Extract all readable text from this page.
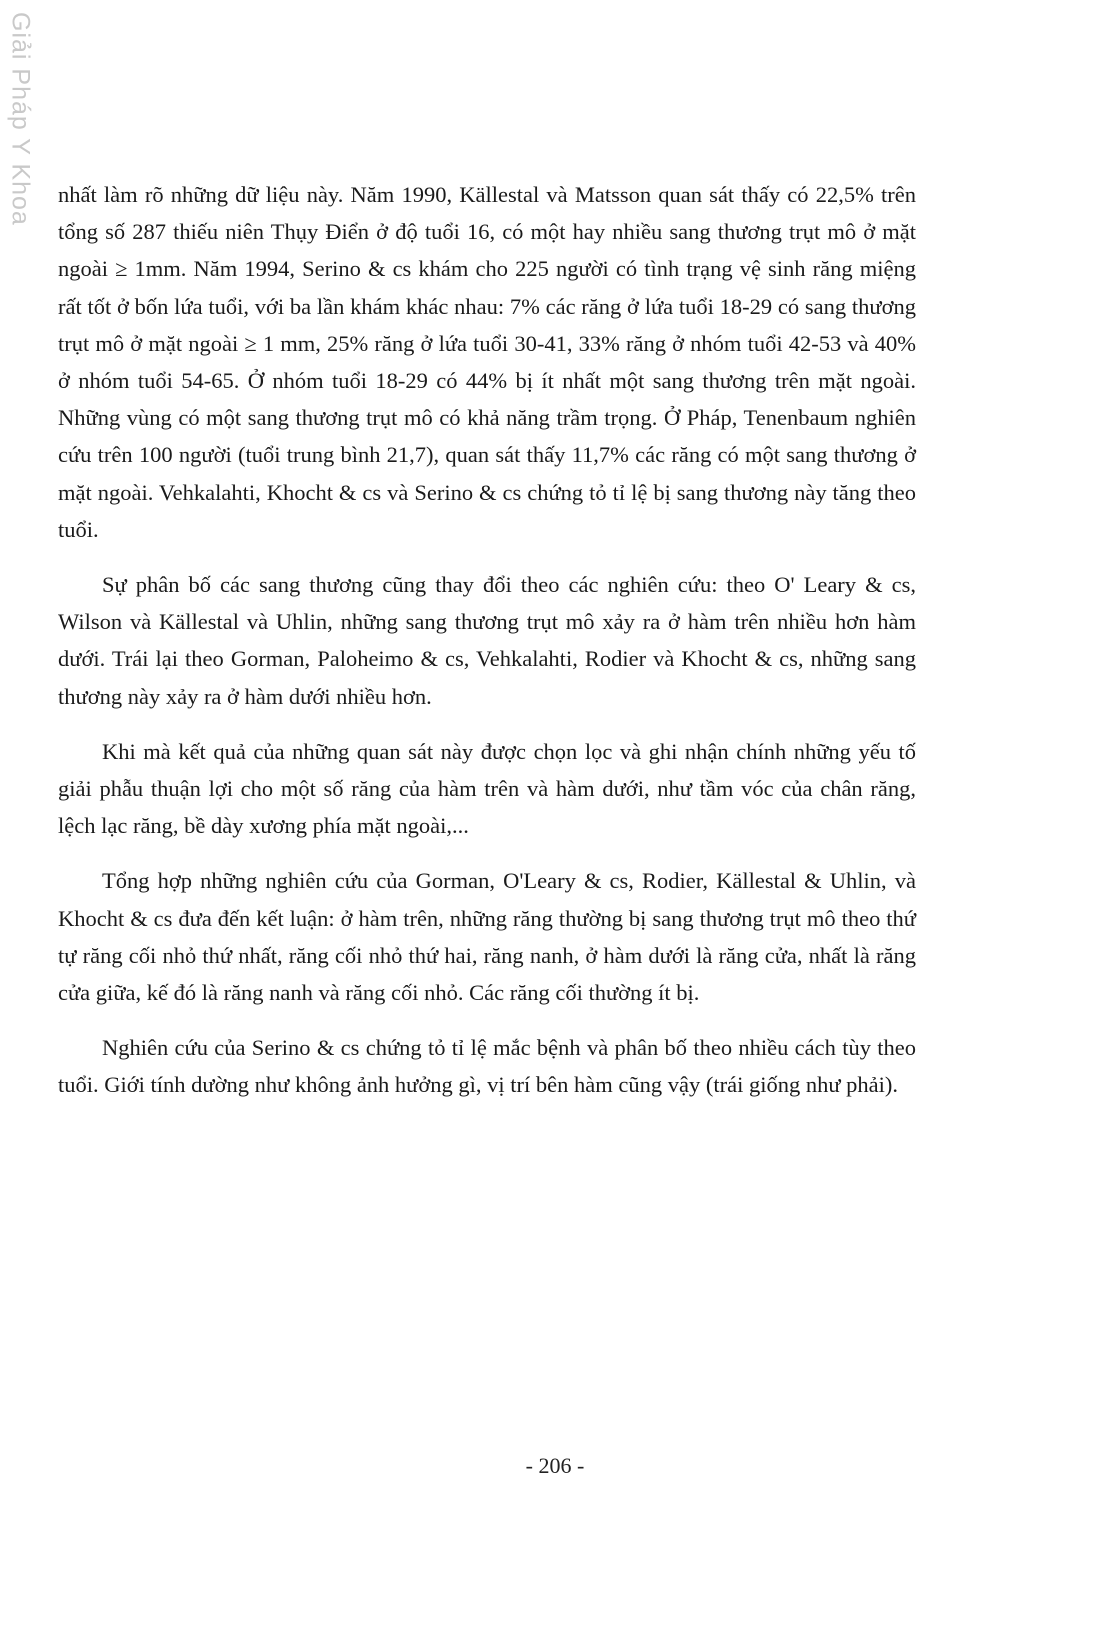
Giải Pháp Y Khoa nhất làm rõ những dữ liệu này. Năm 1990, Källestal và Matsson quan sát thấy có 22,5% trên tổng số 287 thiếu niên Thụy Điển ở độ tuổi 16, có một hay nhiều sang thương trụt mô ở mặt ngoài ≥ 1mm. Năm 1994, Serino & cs khám cho 225 người có tình trạng vệ sinh răng miệng rất tốt ở bốn lứa tuổi, với ba lần khám khác nhau: 7% các răng ở lứa tuổi 18-29 có sang thương trụt mô ở mặt ngoài ≥ 1 mm, 25% răng ở lứa tuổi 30-41, 33% răng ở nhóm tuổi 42-53 và 40% ở nhóm tuổi 54-65. Ở nhóm tuổi 18-29 có 44% bị ít nhất một sang thương trên mặt ngoài. Những vùng có một sang thương trụt mô có khả năng trầm trọng. Ở Pháp, Tenenbaum nghiên cứu trên 100 người (tuổi trung bình 21,7), quan sát thấy 11,7% các răng có một sang thương ở mặt ngoài. Vehkalahti, Khocht & cs và Serino & cs chứng tỏ tỉ lệ bị sang thương này tăng theo tuổi.

Sự phân bố các sang thương cũng thay đổi theo các nghiên cứu: theo O' Leary & cs, Wilson và Källestal và Uhlin, những sang thương trụt mô xảy ra ở hàm trên nhiều hơn hàm dưới. Trái lại theo Gorman, Paloheimo & cs, Vehkalahti, Rodier và Khocht & cs, những sang thương này xảy ra ở hàm dưới nhiều hơn.

Khi mà kết quả của những quan sát này được chọn lọc và ghi nhận chính những yếu tố giải phẫu thuận lợi cho một số răng của hàm trên và hàm dưới, như tầm vóc của chân răng, lệch lạc răng, bề dày xương phía mặt ngoài,...

Tổng hợp những nghiên cứu của Gorman, O'Leary & cs, Rodier, Källestal & Uhlin, và Khocht & cs đưa đến kết luận: ở hàm trên, những răng thường bị sang thương trụt mô theo thứ tự răng cối nhỏ thứ nhất, răng cối nhỏ thứ hai, răng nanh, ở hàm dưới là răng cửa, nhất là răng cửa giữa, kế đó là răng nanh và răng cối nhỏ. Các răng cối thường ít bị.

Nghiên cứu của Serino & cs chứng tỏ tỉ lệ mắc bệnh và phân bố theo nhiều cách tùy theo tuổi. Giới tính dường như không ảnh hưởng gì, vị trí bên hàm cũng vậy (trái giống như phải).

- 206 -
